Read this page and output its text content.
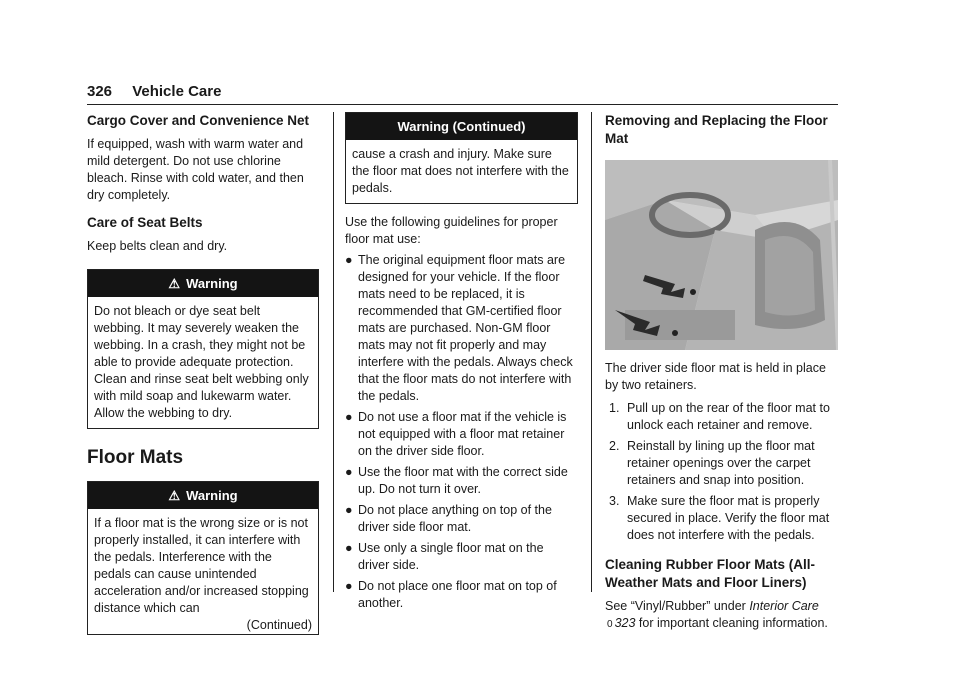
326 Vehicle Care
Cargo Cover and Convenience Net

If equipped, wash with warm water and mild detergent. Do not use chlorine bleach. Rinse with cold water, and then dry completely.

Care of Seat Belts

Keep belts clean and dry.

⚠ Warning
Do not bleach or dye seat belt webbing. It may severely weaken the webbing. In a crash, they might not be able to provide adequate protection. Clean and rinse seat belt webbing only with mild soap and lukewarm water. Allow the webbing to dry.
Floor Mats
⚠ Warning
If a floor mat is the wrong size or is not properly installed, it can interfere with the pedals. Interference with the pedals can cause unintended acceleration and/or increased stopping distance which can
(Continued)
Warning (Continued)
cause a crash and injury. Make sure the floor mat does not interfere with the pedals.

Use the following guidelines for proper floor mat use:

● The original equipment floor mats are designed for your vehicle. If the floor mats need to be replaced, it is recommended that GM-certified floor mats are purchased. Non-GM floor mats may not fit properly and may interfere with the pedals. Always check that the floor mats do not interfere with the pedals.
● Do not use a floor mat if the vehicle is not equipped with a floor mat retainer on the driver side floor.
● Use the floor mat with the correct side up. Do not turn it over.
● Do not place anything on top of the driver side floor mat.
● Use only a single floor mat on the driver side.
● Do not place one floor mat on top of another.
Removing and Replacing the Floor Mat

The driver side floor mat is held in place by two retainers.

1. Pull up on the rear of the floor mat to unlock each retainer and remove.
2. Reinstall by lining up the floor mat retainer openings over the carpet retainers and snap into position.
3. Make sure the floor mat is properly secured in place. Verify the floor mat does not interfere with the pedals.
Cleaning Rubber Floor Mats (All-Weather Mats and Floor Liners)

See “Vinyl/Rubber” under Interior Care 0 323 for important cleaning information.
